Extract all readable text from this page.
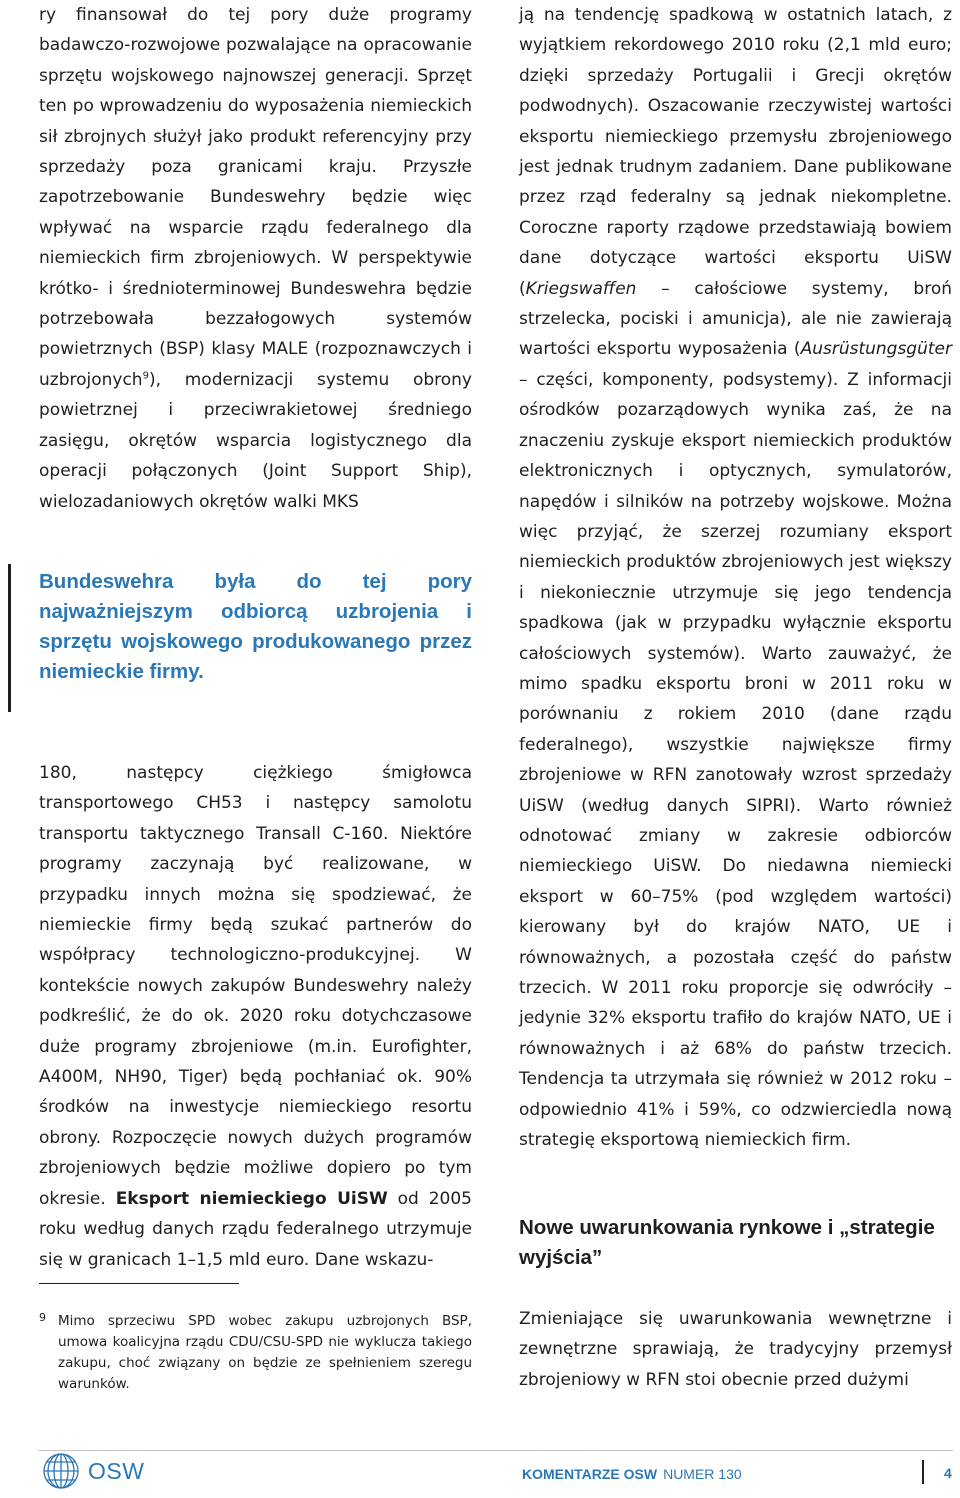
ry finansował do tej pory duże programy badawczo-rozwojowe pozwalające na opracowanie sprzętu wojskowego najnowszej generacji. Sprzęt ten po wprowadzeniu do wyposażenia niemieckich sił zbrojnych służył jako produkt referencyjny przy sprzedaży poza granicami kraju. Przyszłe zapotrzebowanie Bundeswehry będzie więc wpływać na wsparcie rządu federalnego dla niemieckich firm zbrojeniowych. W perspektywie krótko- i średnioterminowej Bundeswehra będzie potrzebowała bezzałogowych systemów powietrznych (BSP) klasy MALE (rozpoznawczych i uzbrojonych$^9$), modernizacji systemu obrony powietrznej i przeciwrakietowej średniego zasięgu, okrętów wsparcia logistycznego dla operacji połączonych (Joint Support Ship), wielozadaniowych okrętów walki MKS

Bundeswehra była do tej pory najważniejszym odbiorcą uzbrojenia i sprzętu wojskowego produkowanego przez niemieckie firmy.

180, następcy ciężkiego śmigłowca transportowego CH53 i następcy samolotu transportu taktycznego Transall C-160. Niektóre programy zaczynają być realizowane, w przypadku innych można się spodziewać, że niemieckie firmy będą szukać partnerów do współpracy technologiczno-produkcyjnej. W kontekście nowych zakupów Bundeswehry należy podkreślić, że do ok. 2020 roku dotychczasowe duże programy zbrojeniowe (m.in. Eurofighter, A400M, NH90, Tiger) będą pochłaniać ok. 90% środków na inwestycje niemieckiego resortu obrony. Rozpoczęcie nowych dużych programów zbrojeniowych będzie możliwe dopiero po tym okresie. Eksport niemieckiego UiSW od 2005 roku według danych rządu federalnego utrzymuje się w granicach 1–1,5 mld euro. Dane wskazu-

9 Mimo sprzeciwu SPD wobec zakupu uzbrojonych BSP, umowa koalicyjna rządu CDU/CSU-SPD nie wyklucza takiego zakupu, choć związany on będzie ze spełnieniem szeregu warunków.

ją na tendencję spadkową w ostatnich latach, z wyjątkiem rekordowego 2010 roku (2,1 mld euro; dzięki sprzedaży Portugalii i Grecji okrętów podwodnych). Oszacowanie rzeczywistej wartości eksportu niemieckiego przemysłu zbrojeniowego jest jednak trudnym zadaniem. Dane publikowane przez rząd federalny są jednak niekompletne. Coroczne raporty rządowe przedstawiają bowiem dane dotyczące wartości eksportu UiSW (Kriegswaffen – całościowe systemy, broń strzelecka, pociski i amunicja), ale nie zawierają wartości eksportu wyposażenia (Ausrüstungsgüter – części, komponenty, podsystemy). Z informacji ośrodków pozarządowych wynika zaś, że na znaczeniu zyskuje eksport niemieckich produktów elektronicznych i optycznych, symulatorów, napędów i silników na potrzeby wojskowe. Można więc przyjąć, że szerzej rozumiany eksport niemieckich produktów zbrojeniowych jest większy i niekoniecznie utrzymuje się jego tendencja spadkowa (jak w przypadku wyłącznie eksportu całościowych systemów). Warto zauważyć, że mimo spadku eksportu broni w 2011 roku w porównaniu z rokiem 2010 (dane rządu federalnego), wszystkie największe firmy zbrojeniowe w RFN zanotowały wzrost sprzedaży UiSW (według danych SIPRI). Warto również odnotować zmiany w zakresie odbiorców niemieckiego UiSW. Do niedawna niemiecki eksport w 60–75% (pod względem wartości) kierowany był do krajów NATO, UE i równoważnych, a pozostała część do państw trzecich. W 2011 roku proporcje się odwróciły – jedynie 32% eksportu trafiło do krajów NATO, UE i równoważnych i aż 68% do państw trzecich. Tendencja ta utrzymała się również w 2012 roku – odpowiednio 41% i 59%, co odzwierciedla nową strategię eksportową niemieckich firm.

Nowe uwarunkowania rynkowe i „strategie wyjścia”

Zmieniające się uwarunkowania wewnętrzne i zewnętrzne sprawiają, że tradycyjny przemysł zbrojeniowy w RFN stoi obecnie przed dużymi

OSW	KOMENTARZE OSW NUMER 130	4
